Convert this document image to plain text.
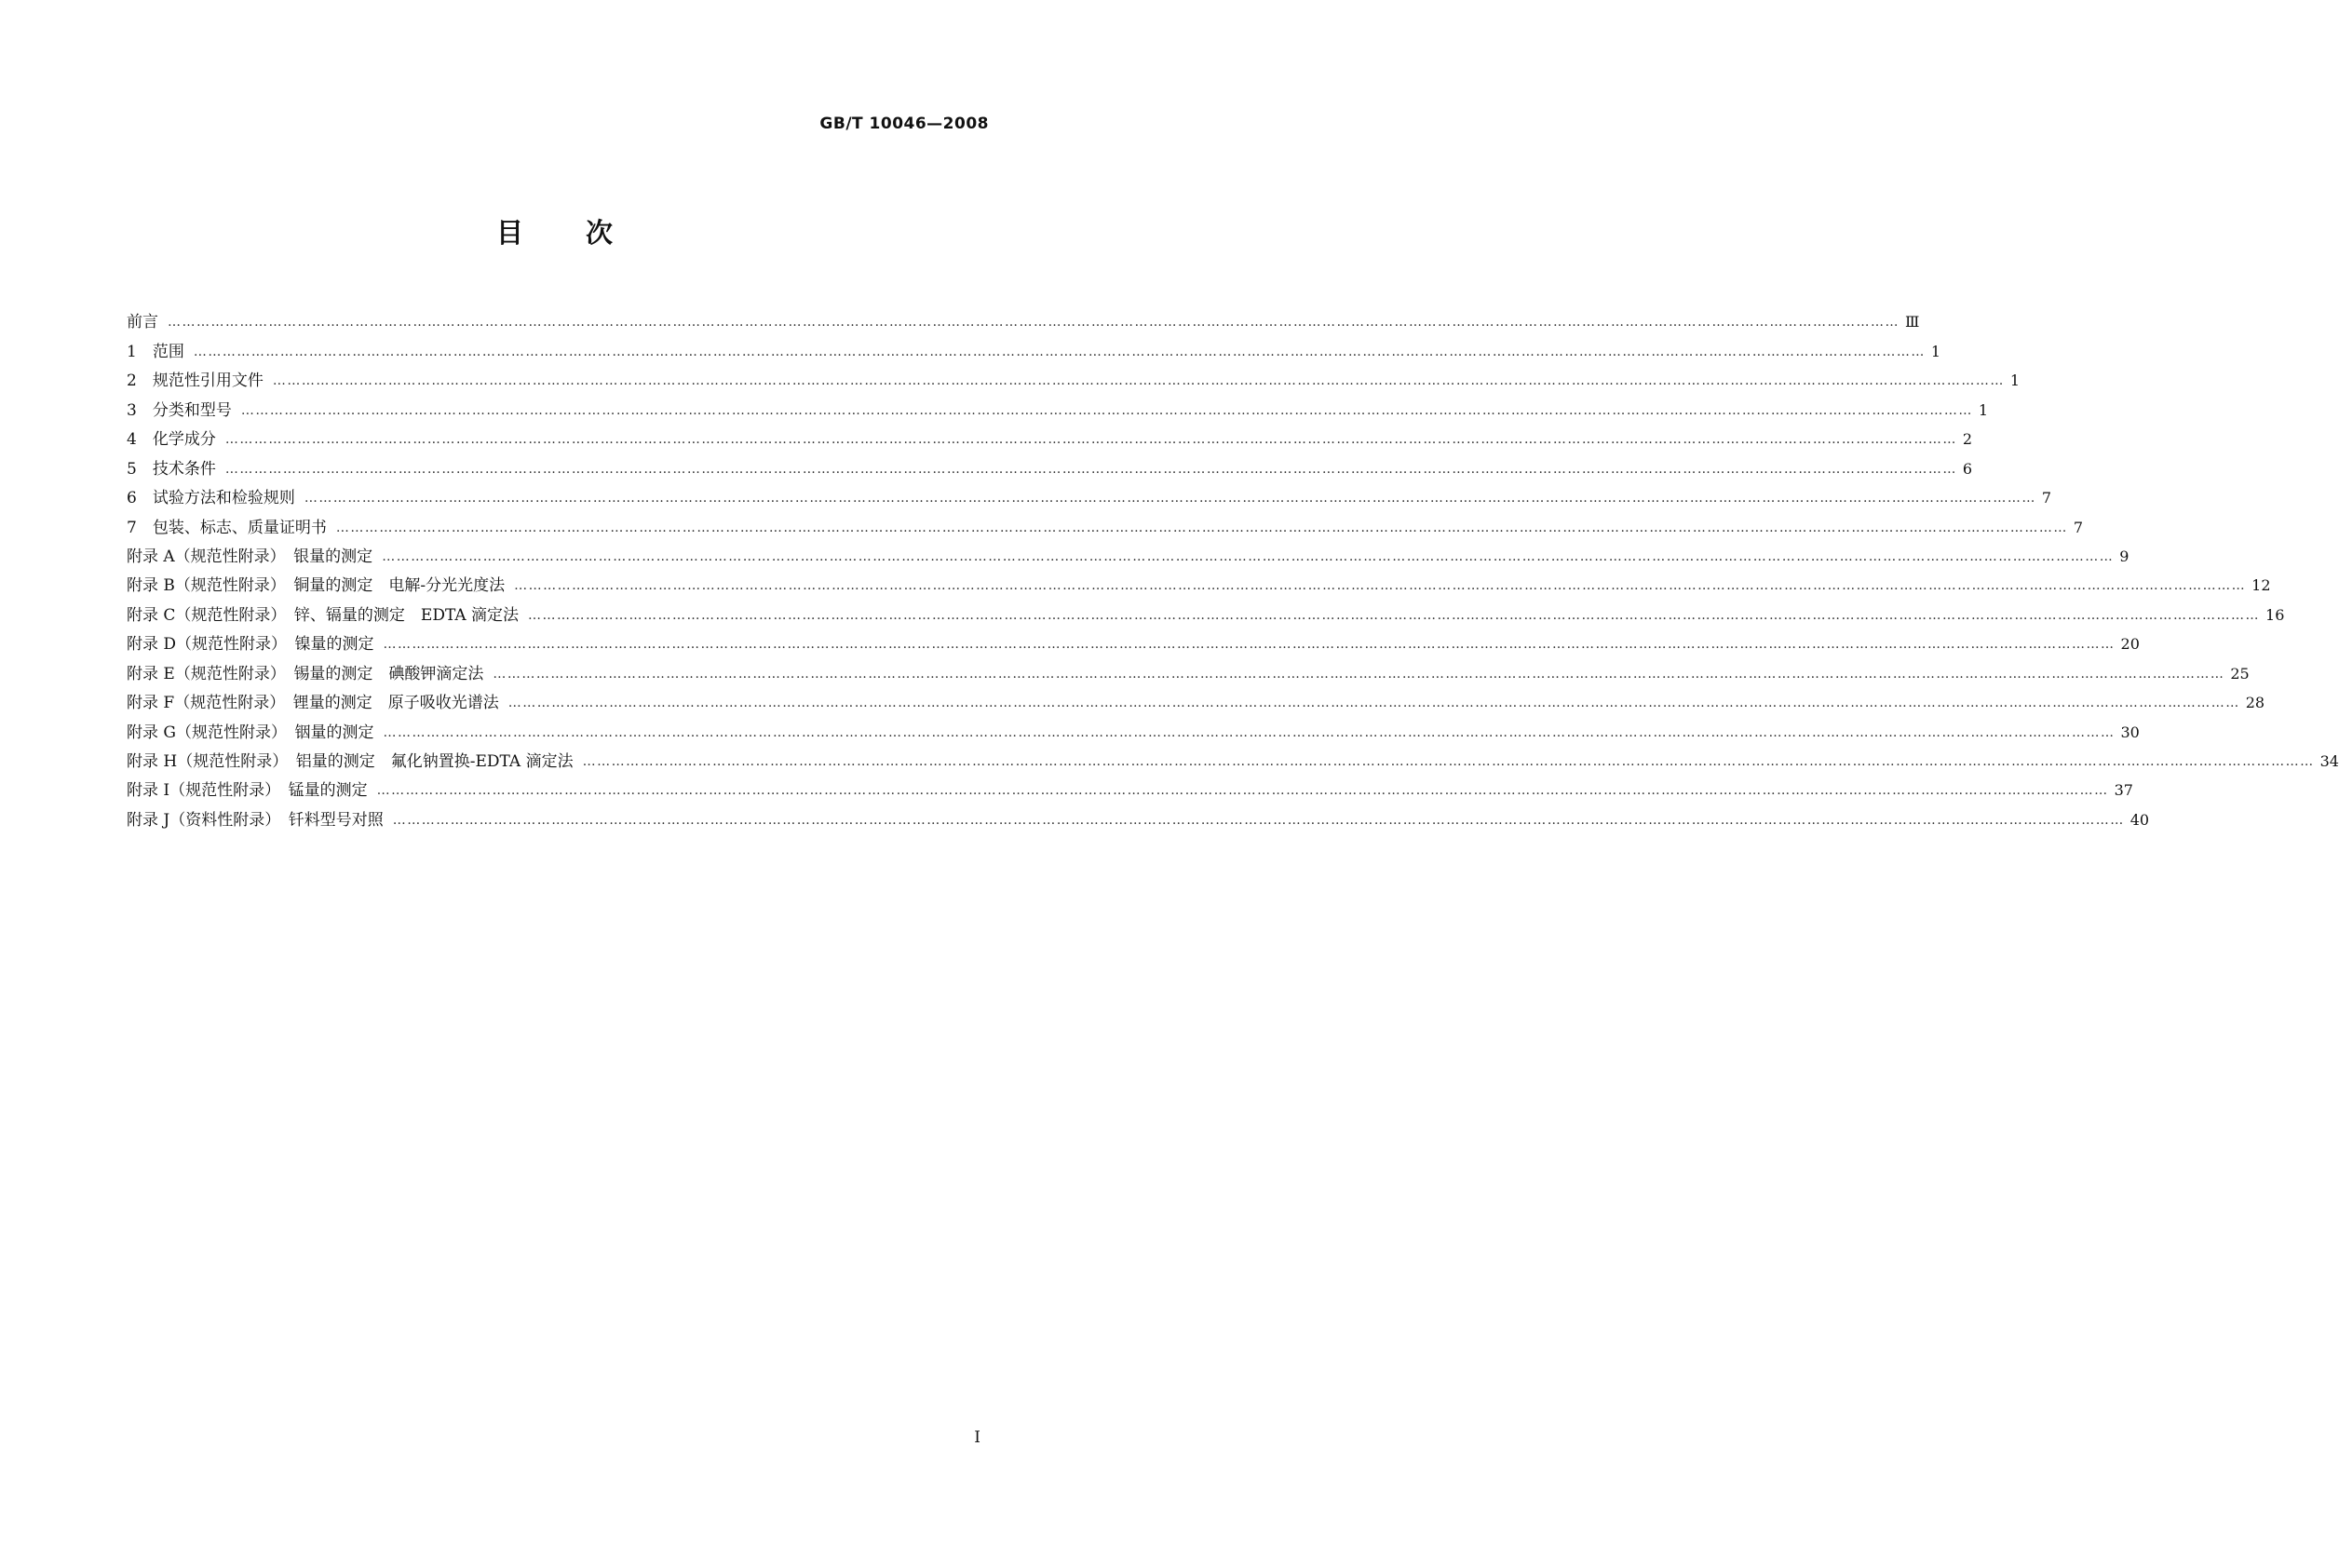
GB/T 10046—2008
目 次
前言 ……………………………………………………………………………………………………………………………………………………………………………………………………………………………………………………………………………………………………………………………… Ⅲ
1　范围 ……………………………………………………………………………………………………………………………………………………………………………………………………………………………………………………………………………………………………………………………… 1
2　规范性引用文件 ……………………………………………………………………………………………………………………………………………………………………………………………………………………………………………………………………………………………………………………………… 1
3　分类和型号 ……………………………………………………………………………………………………………………………………………………………………………………………………………………………………………………………………………………………………………………………… 1
4　化学成分 ……………………………………………………………………………………………………………………………………………………………………………………………………………………………………………………………………………………………………………………………… 2
5　技术条件 ……………………………………………………………………………………………………………………………………………………………………………………………………………………………………………………………………………………………………………………………… 6
6　试验方法和检验规则 ……………………………………………………………………………………………………………………………………………………………………………………………………………………………………………………………………………………………………………………………… 7
7　包装、标志、质量证明书 ……………………………………………………………………………………………………………………………………………………………………………………………………………………………………………………………………………………………………………………………… 7
附录 A（规范性附录）　银量的测定 ……………………………………………………………………………………………………………………………………………………………………………………………………………………………………………………………………………………………………………………………… 9
附录 B（规范性附录）　铜量的测定　电解-分光光度法 ……………………………………………………………………………………………………………………………………………………………………………………………………………………………………………………………………………………………………………………………… 12
附录 C（规范性附录）　锌、镉量的测定　EDTA 滴定法 ……………………………………………………………………………………………………………………………………………………………………………………………………………………………………………………………………………………………………………………………… 16
附录 D（规范性附录）　镍量的测定 ……………………………………………………………………………………………………………………………………………………………………………………………………………………………………………………………………………………………………………………………… 20
附录 E（规范性附录）　锡量的测定　碘酸钾滴定法 ……………………………………………………………………………………………………………………………………………………………………………………………………………………………………………………………………………………………………………………………… 25
附录 F（规范性附录）　锂量的测定　原子吸收光谱法 ……………………………………………………………………………………………………………………………………………………………………………………………………………………………………………………………………………………………………………………………… 28
附录 G（规范性附录）　铟量的测定 ……………………………………………………………………………………………………………………………………………………………………………………………………………………………………………………………………………………………………………………………… 30
附录 H（规范性附录）　铝量的测定　氟化钠置换-EDTA 滴定法 ……………………………………………………………………………………………………………………………………………………………………………………………………………………………………………………………………………………………………………………………… 34
附录 I（规范性附录）　锰量的测定 ……………………………………………………………………………………………………………………………………………………………………………………………………………………………………………………………………………………………………………………………… 37
附录 J（资料性附录）　钎料型号对照 ……………………………………………………………………………………………………………………………………………………………………………………………………………………………………………………………………………………………………………………………… 40
I
